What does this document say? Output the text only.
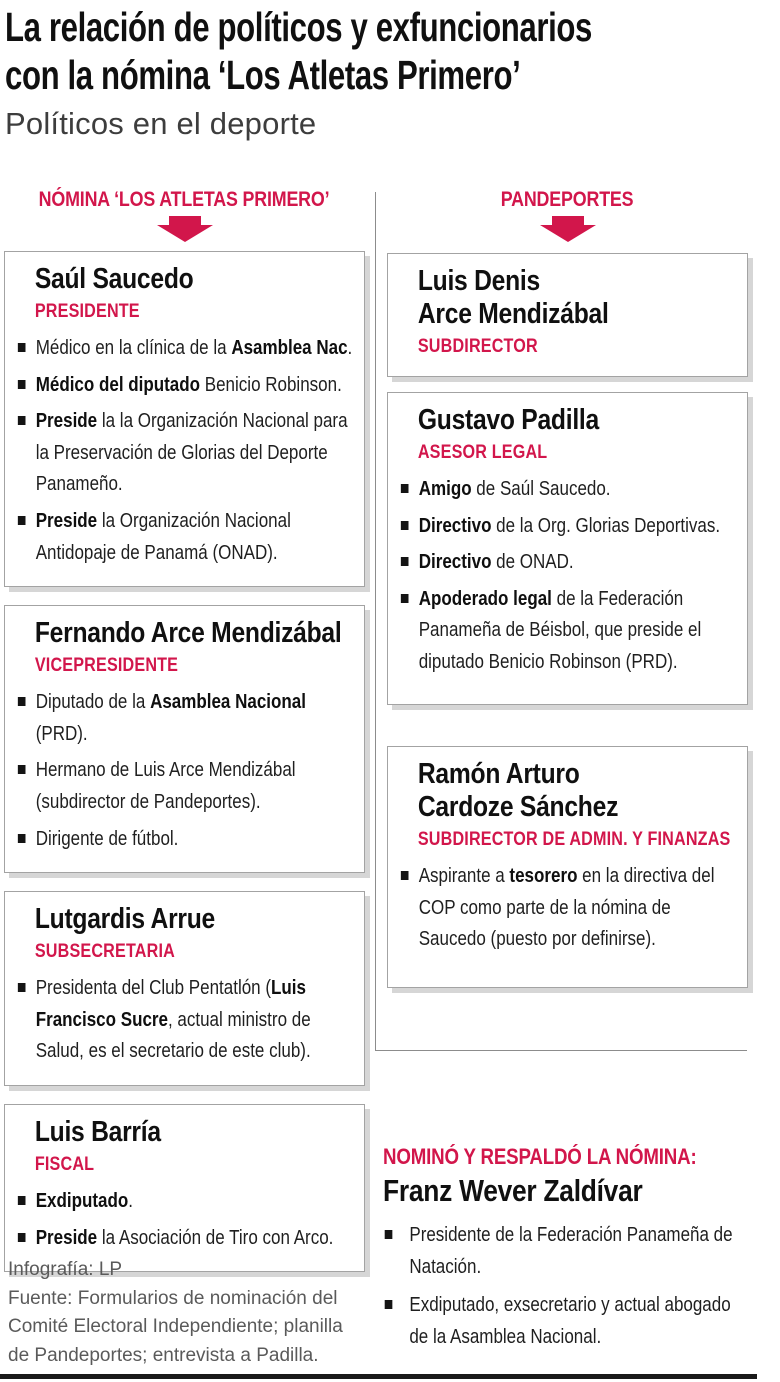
La relación de políticos y exfuncionarios
con la nómina ‘Los Atletas Primero’
Políticos en el deporte
NÓMINA ‘LOS ATLETAS PRIMERO’	PANDEPORTES
Saúl Saucedo
PRESIDENTE
Médico en la clínica de la Asamblea Nac.
Médico del diputado Benicio Robinson.
Preside la la Organización Nacional para la Preservación de Glorias del Deporte Panameño.
Preside la Organización Nacional Antidopaje de Panamá (ONAD).
Fernando Arce Mendizábal
VICEPRESIDENTE
Diputado de la Asamblea Nacional (PRD).
Hermano de Luis Arce Mendizábal (subdirector de Pandeportes).
Dirigente de fútbol.
Lutgardis Arrue
SUBSECRETARIA
Presidenta del Club Pentatlón (Luis Francisco Sucre, actual ministro de Salud, es el secretario de este club).
Luis Barría
FISCAL
Exdiputado.
Preside la Asociación de Tiro con Arco.
Luis Denis
Arce Mendizábal
SUBDIRECTOR
Gustavo Padilla
ASESOR LEGAL
Amigo de Saúl Saucedo.
Directivo de la Org. Glorias Deportivas.
Directivo de ONAD.
Apoderado legal de la Federación Panameña de Béisbol, que preside el diputado Benicio Robinson (PRD).
Ramón Arturo
Cardoze Sánchez
SUBDIRECTOR DE ADMIN. Y FINANZAS
Aspirante a tesorero en la directiva del COP como parte de la nómina de Saucedo (puesto por definirse).
NOMINÓ Y RESPALDÓ LA NÓMINA:
Franz Wever Zaldívar
Presidente de la Federación Panameña de Natación.
Exdiputado, exsecretario y actual abogado de la Asamblea Nacional.
Infografía: LP
Fuente: Formularios de nominación del Comité Electoral Independiente; planilla de Pandeportes; entrevista a Padilla.
